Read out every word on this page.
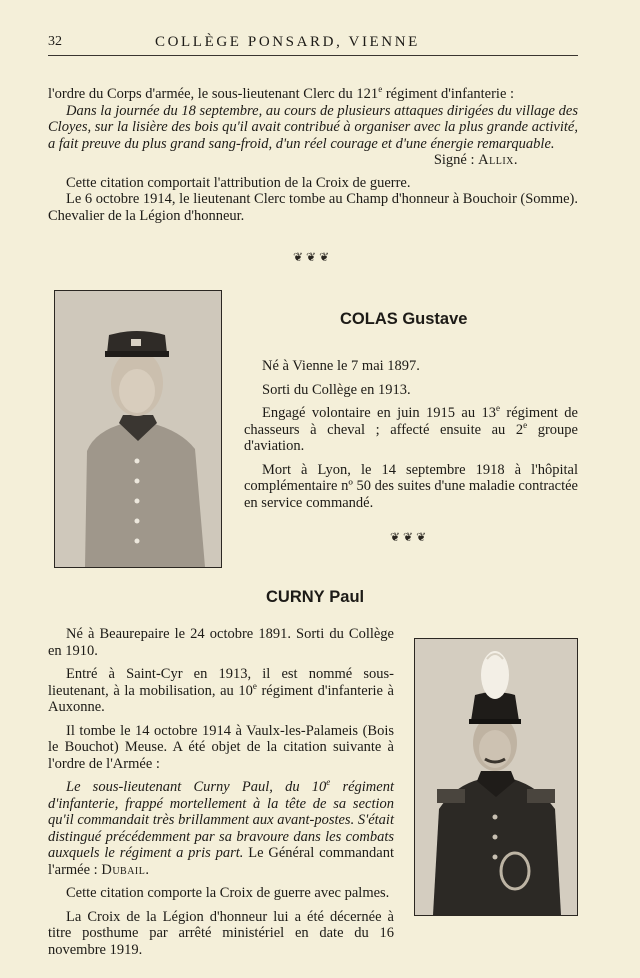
32	COLLÈGE PONSARD, VIENNE

l'ordre du Corps d'armée, le sous-lieutenant Clerc du 121e régiment d'infanterie :

Dans la journée du 18 septembre, au cours de plusieurs attaques dirigées du village des Cloyes, sur la lisière des bois qu'il avait contribué à organiser avec la plus grande activité, a fait preuve du plus grand sang-froid, d'un réel courage et d'une énergie remarquable.

Signé : Allix.

Cette citation comportait l'attribution de la Croix de guerre.

Le 6 octobre 1914, le lieutenant Clerc tombe au Champ d'honneur à Bouchoir (Somme). Chevalier de la Légion d'honneur.

❦❦❦
COLAS Gustave

Né à Vienne le 7 mai 1897.

Sorti du Collège en 1913.

Engagé volontaire en juin 1915 au 13e régiment de chasseurs à cheval ; affecté ensuite au 2e groupe d'aviation.

Mort à Lyon, le 14 septembre 1918 à l'hôpital complémentaire nº 50 des suites d'une maladie contractée en service commandé.

❦❦❦
CURNY Paul

Né à Beaurepaire le 24 octobre 1891. Sorti du Collège en 1910.

Entré à Saint-Cyr en 1913, il est nommé sous-lieutenant, à la mobilisation, au 10e régiment d'infanterie à Auxonne.

Il tombe le 14 octobre 1914 à Vaulx-les-Palameis (Bois le Bouchot) Meuse. A été objet de la citation suivante à l'ordre de l'Armée :

Le sous-lieutenant Curny Paul, du 10e régiment d'infanterie, frappé mortellement à la tête de sa section qu'il commandait très brillamment aux avant-postes. S'était distingué précédemment par sa bravoure dans les combats auxquels le régiment a pris part. Le Général commandant l'armée : Dubail.

Cette citation comporte la Croix de guerre avec palmes.

La Croix de la Légion d'honneur lui a été décernée à titre posthume par arrêté ministériel en date du 16 novembre 1919.
